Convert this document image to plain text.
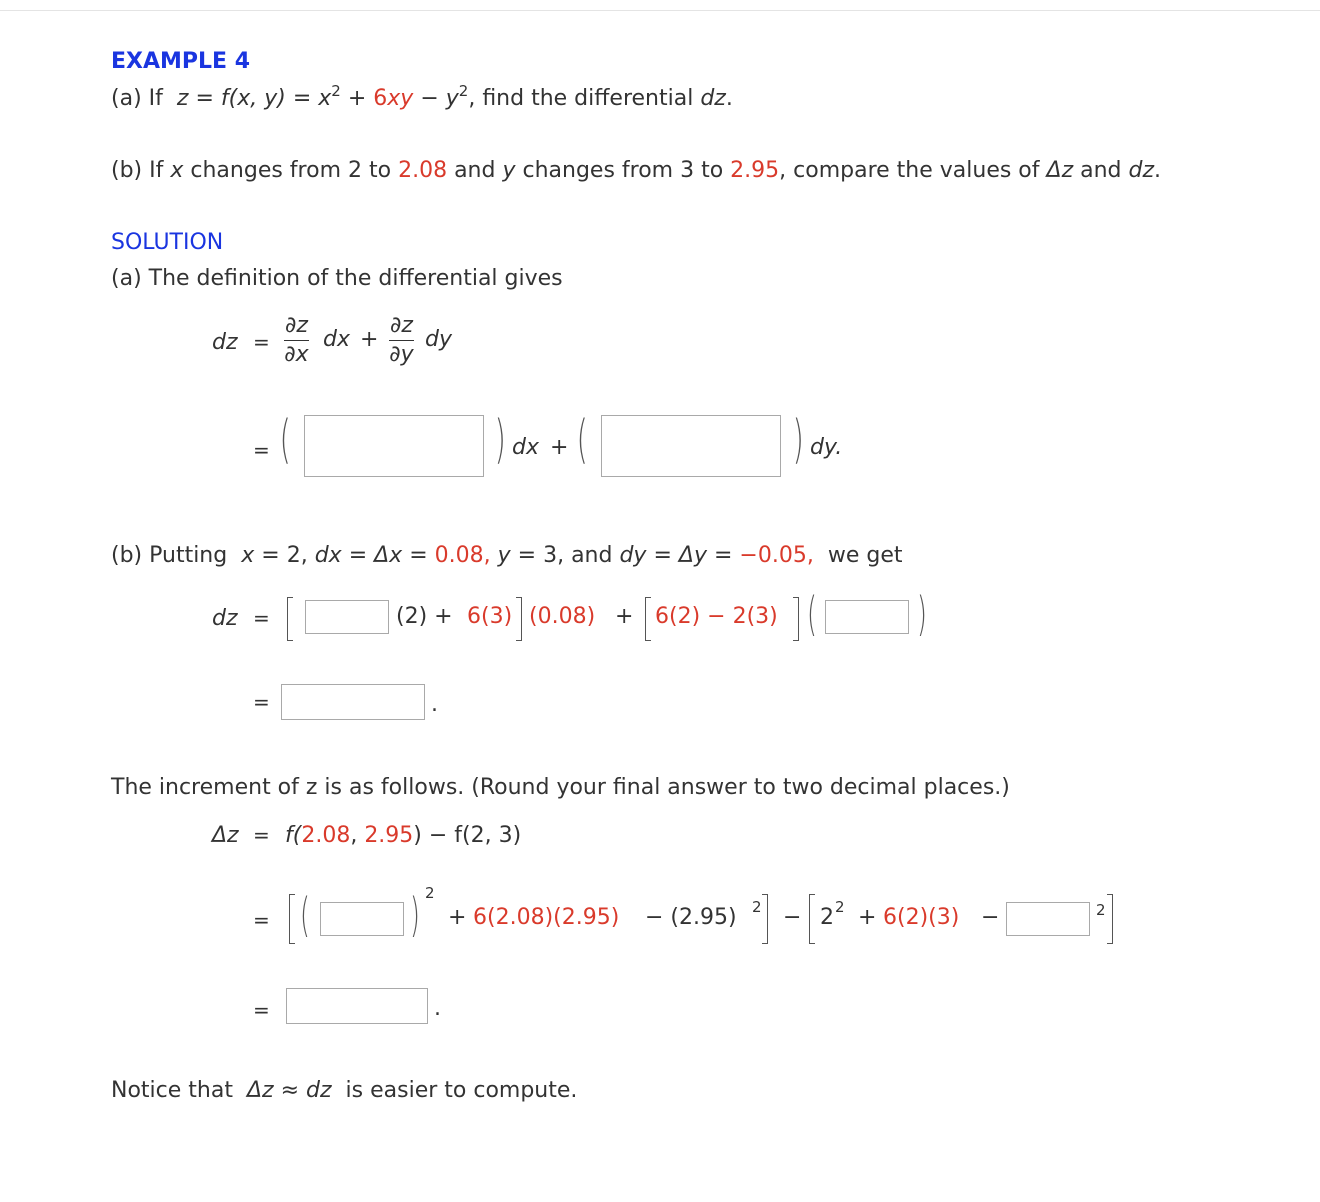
EXAMPLE 4
(a) If z = f(x, $y) = x^2 + 6xy - y^2$, find the differential dz.
(b) If x changes from 2 to 2.08 and y changes from 3 to 2.95, compare the values of Δz and dz.
SOLUTION
(a) The definition of the differential gives
dz = $\frac{\partial z}{\partial x}$ dx + $\frac{\partial z}{\partial y}$ dy
= (	) dx + (	) dy.
(b) Putting x = 2, dx = Δx = 0.08, y = 3, and dy = Δy = −0.05, we get
dz =	(2) + 6(3) (0.08) + 6(2) − 2(3) ( )
=	.
The increment of z is as follows. (Round your final answer to two decimal places.)
Δz = f(2.08, 2.95) − f(2, 3)
= ( ) 2
+ 6(2.08)(2.95) − (2.95) 2 − 2 2 + 6(2)(3) −	2
=	.
Notice that Δz ≈ dz is easier to compute.
